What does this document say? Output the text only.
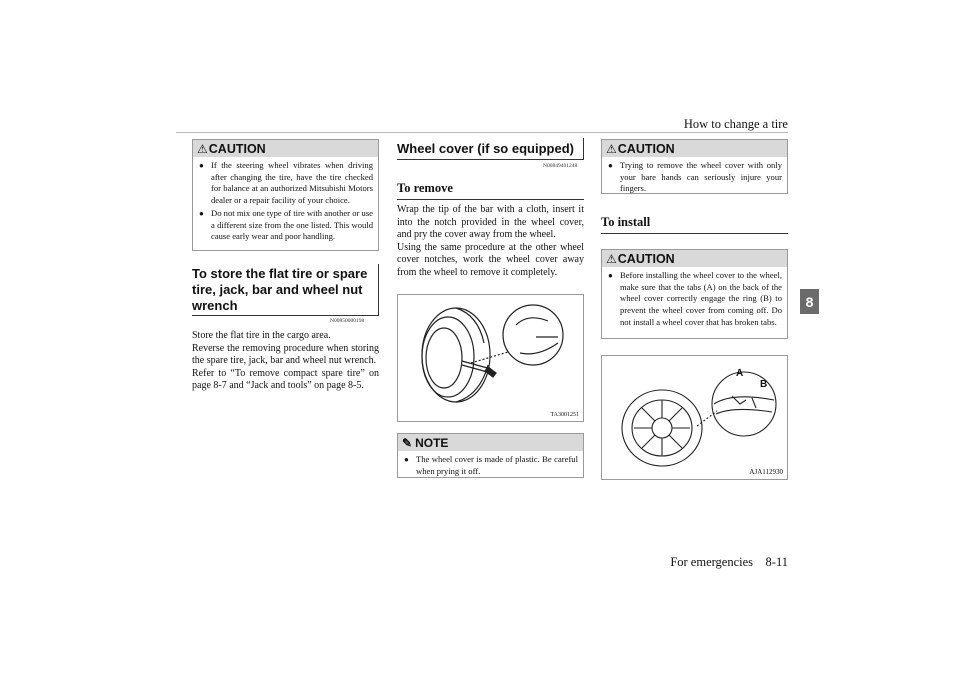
How to change a tire
For emergencies 8-11
8
⚠ CAUTION
● If the steering wheel vibrates when driving after changing the tire, have the tire checked for balance at an authorized Mitsubishi Motors dealer or a repair facility of your choice.
● Do not mix one type of tire with another or use a different size from the one listed. This would cause early wear and poor handling.
To store the flat tire or spare tire, jack, bar and wheel nut wrench
N00850000198
Store the flat tire in the cargo area.
Reverse the removing procedure when storing the spare tire, jack, bar and wheel nut wrench.
Refer to “To remove compact spare tire” on page 8-7 and “Jack and tools” on page 8-5.
Wheel cover (if so equipped)
N00849401248
To remove
Wrap the tip of the bar with a cloth, insert it into the notch provided in the wheel cover, and pry the cover away from the wheel.
Using the same procedure at the other wheel cover notches, work the wheel cover away from the wheel to remove it completely.
TA3001251
✎ NOTE
● The wheel cover is made of plastic. Be careful when prying it off.
⚠ CAUTION
● Trying to remove the wheel cover with only your bare hands can seriously injure your fingers.
To install
⚠ CAUTION
● Before installing the wheel cover to the wheel, make sure that the tabs (A) on the back of the wheel cover correctly engage the ring (B) to prevent the wheel cover from coming off. Do not install a wheel cover that has broken tabs.
A
B
AJA112930
